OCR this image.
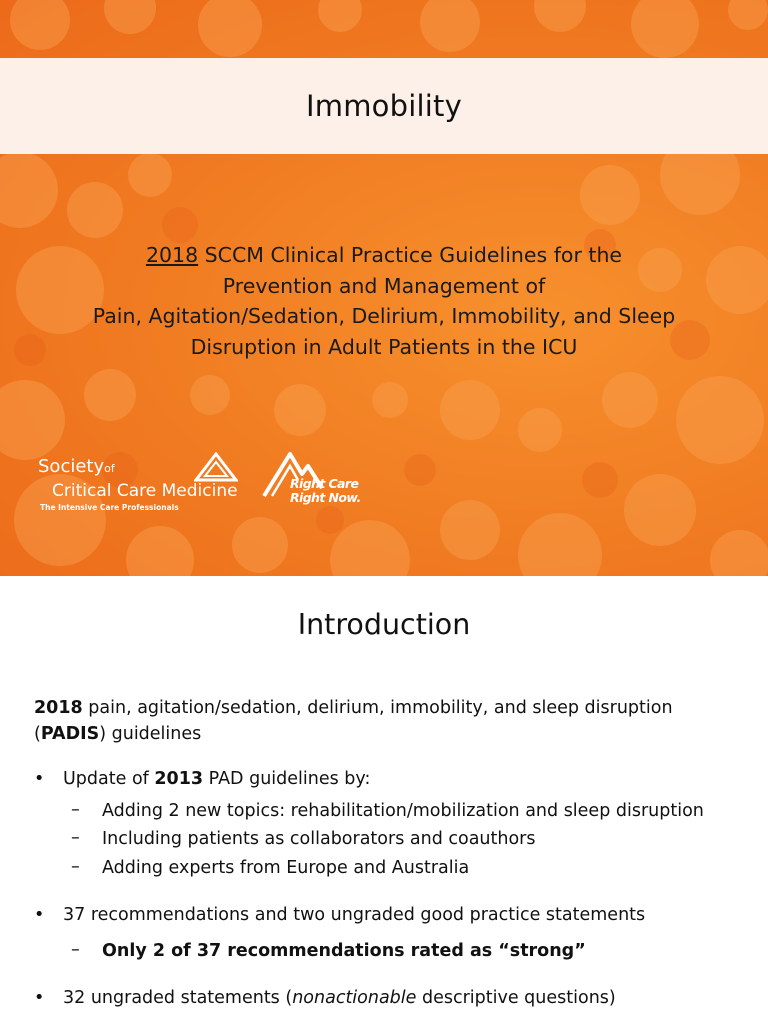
Immobility
2018 SCCM Clinical Practice Guidelines for the
Prevention and Management of
Pain, Agitation/Sedation, Delirium, Immobility, and Sleep
Disruption in Adult Patients in the ICU
Societyof
Critical Care Medicine
The Intensive Care Professionals
Right Care
Right Now.
Introduction
2018 pain, agitation/sedation, delirium, immobility, and sleep disruption
(PADIS) guidelines
• Update of 2013 PAD guidelines by:
– Adding 2 new topics: rehabilitation/mobilization and sleep disruption
– Including patients as collaborators and coauthors
– Adding experts from Europe and Australia
• 37 recommendations and two ungraded good practice statements
– Only 2 of 37 recommendations rated as “strong”
• 32 ungraded statements (nonactionable descriptive questions)
